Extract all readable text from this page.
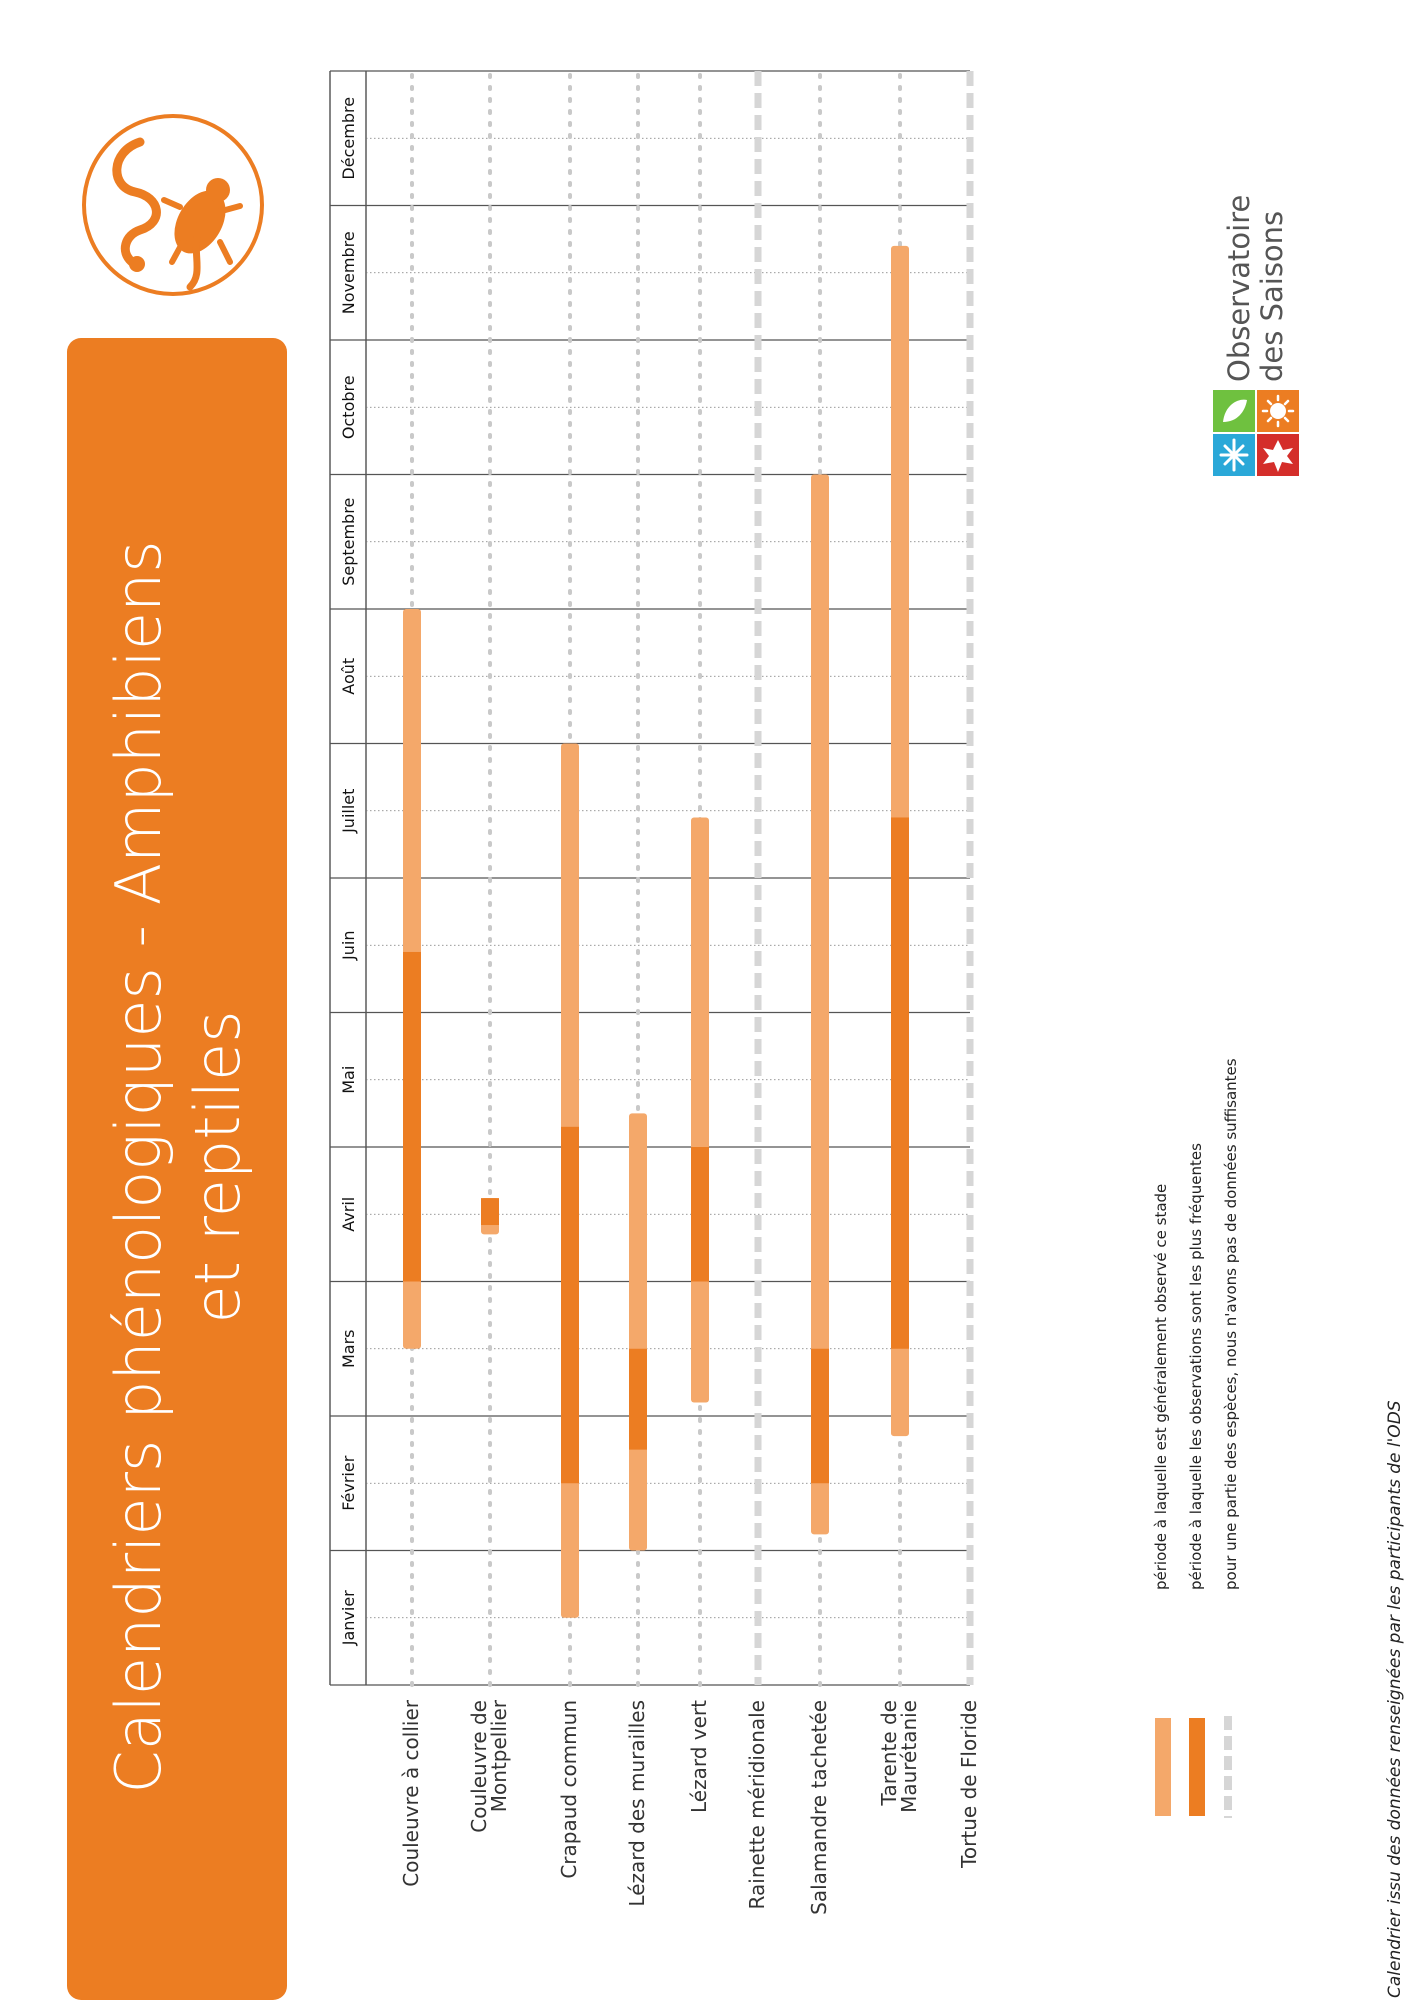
Calendriers phénologiques - Amphibiens et reptiles
Janvier
Février
Mars
Avril
Mai
Juin
Juillet
Août
Septembre
Octobre
Novembre
Décembre
Couleuvre à collier Couleuvre de
Montpellier Crapaud commun Lézard des murailles Lézard vert Rainette méridionale Salamandre tachetée Tarente de
Maurétanie Tortue de Floride
période à laquelle est généralement observé ce stade période à laquelle les observations sont les plus fréquentes pour une partie des espèces, nous n'avons pas de données suffisantes
Observatoire des Saisons
Calendrier issu des données renseignées par les participants de l'ODS
